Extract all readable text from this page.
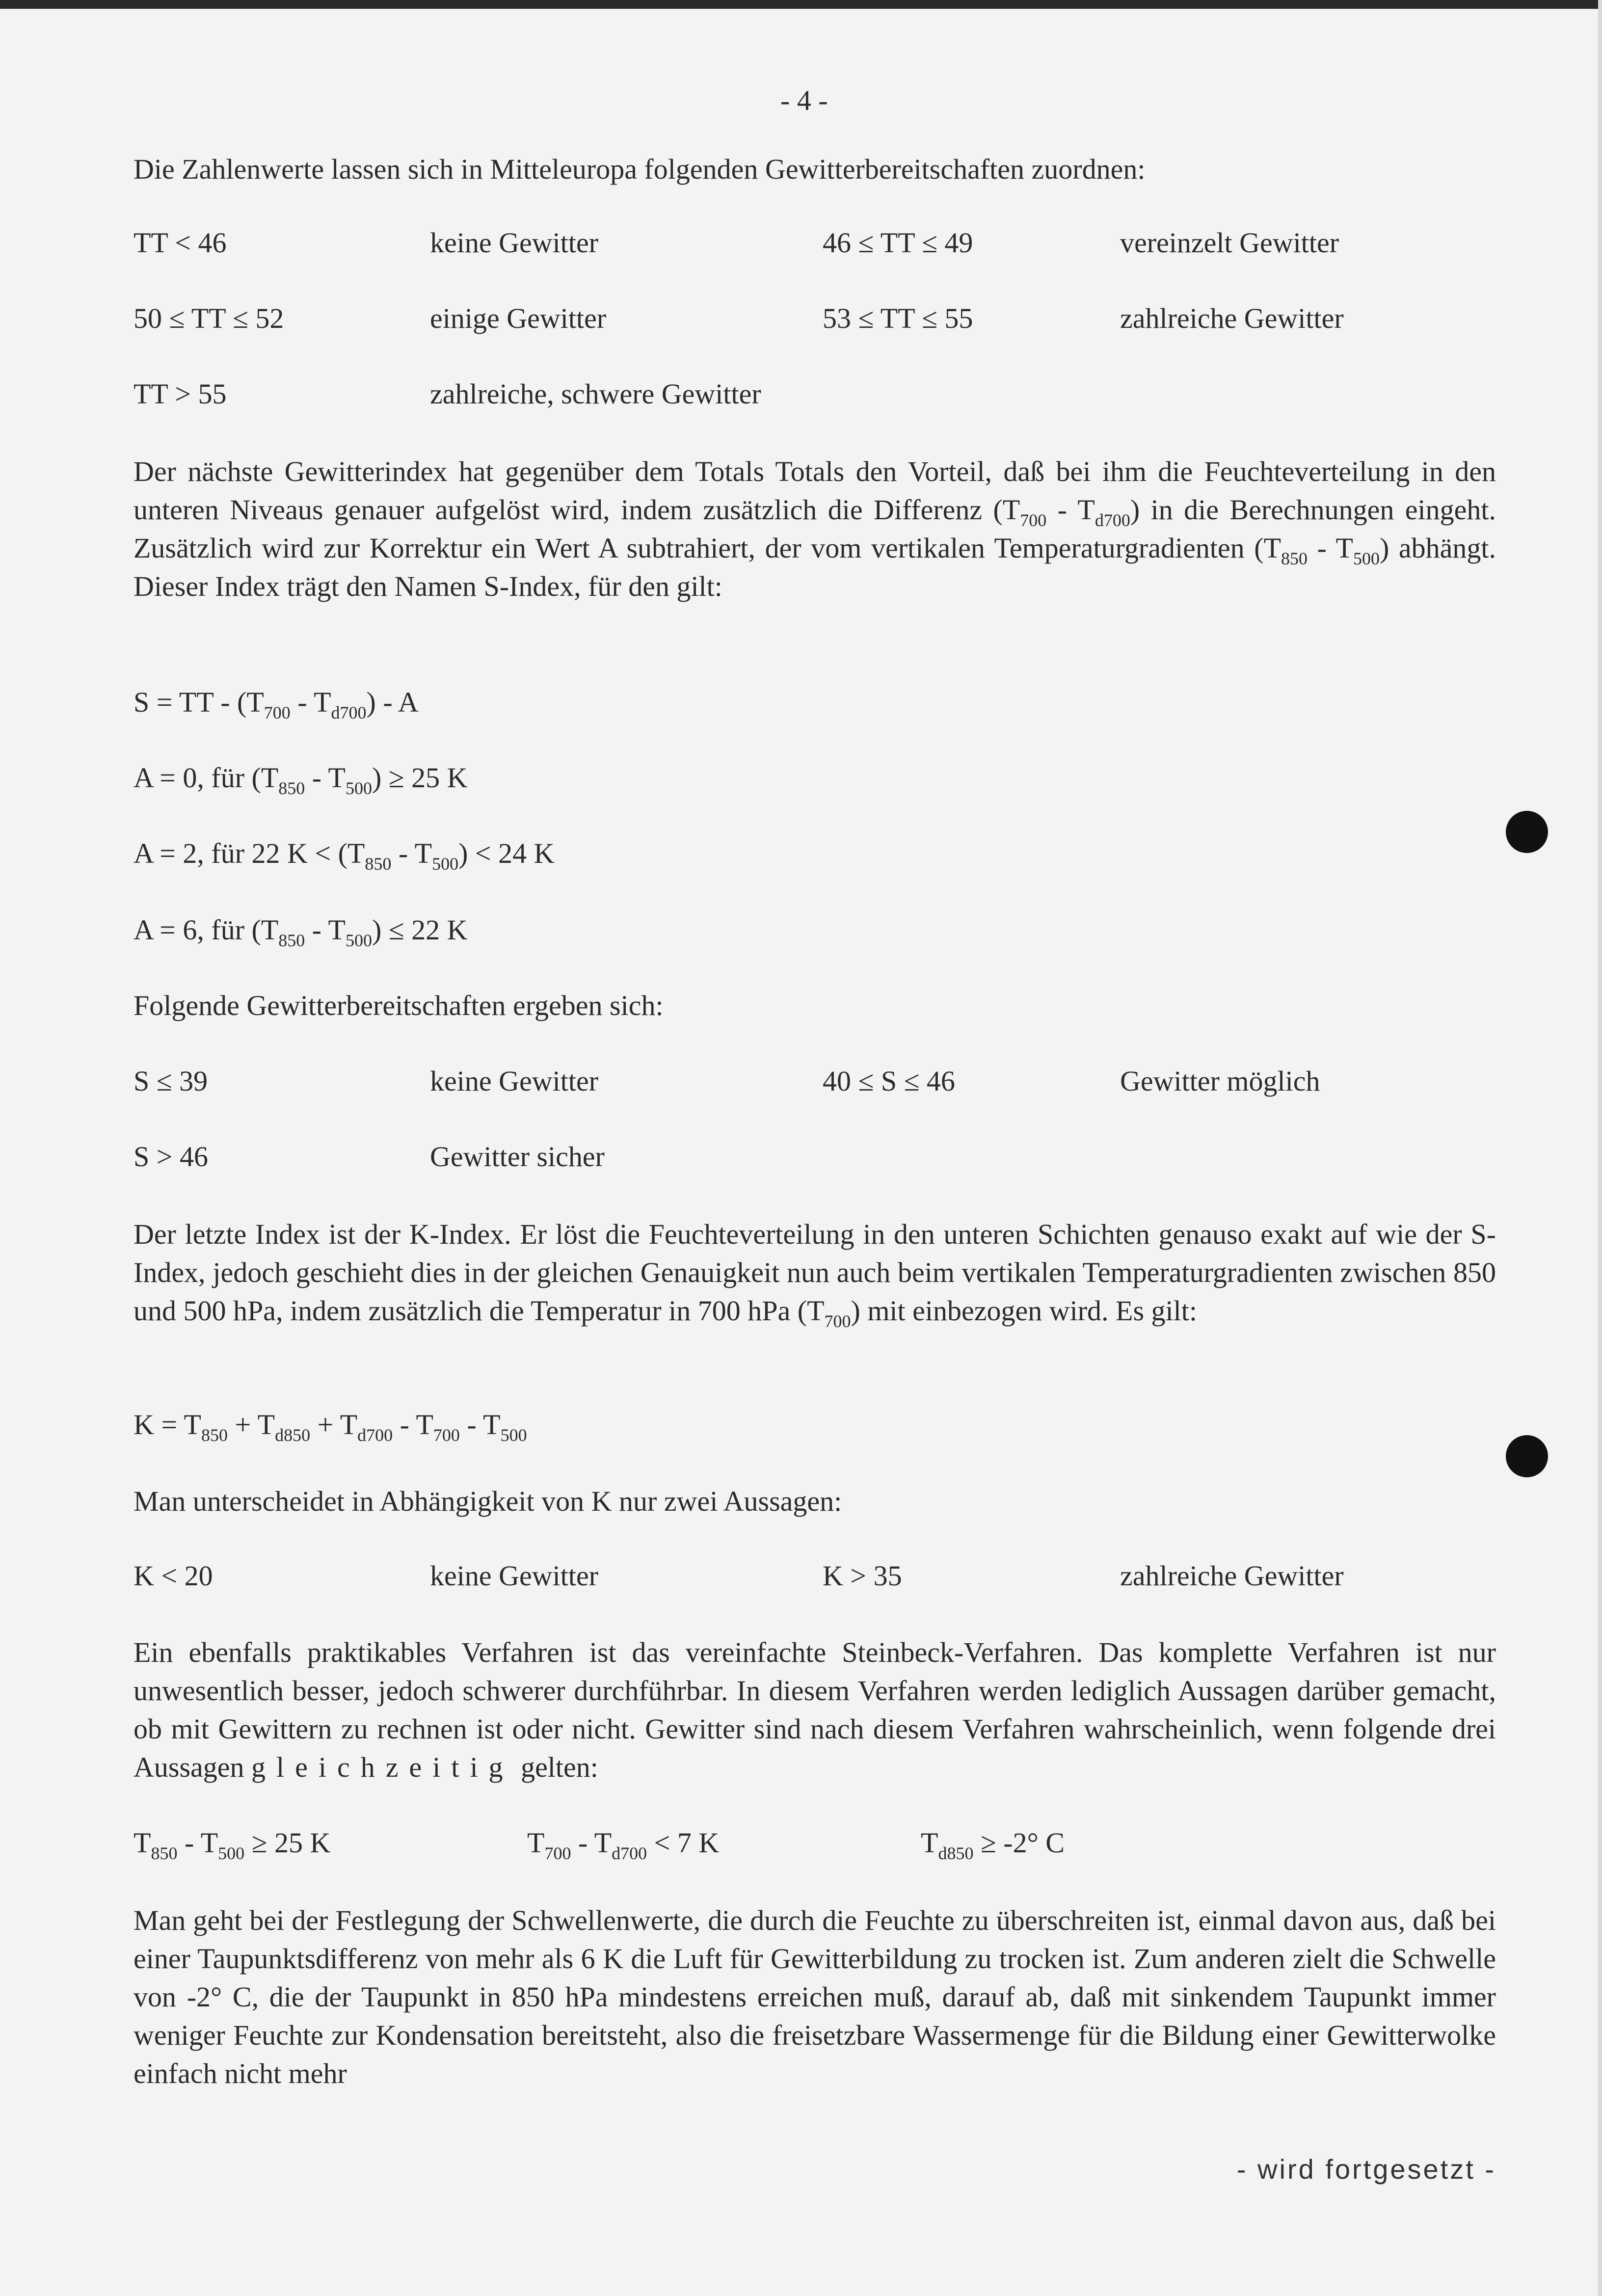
- 4 -

Die Zahlenwerte lassen sich in Mitteleuropa folgenden Gewitterbereitschaften zuordnen:

TT < 46	keine Gewitter	46 ≤ TT ≤ 49	vereinzelt Gewitter

50 ≤ TT ≤ 52	einige Gewitter	53 ≤ TT ≤ 55	zahlreiche Gewitter

TT > 55	zahlreiche, schwere Gewitter

Der nächste Gewitterindex hat gegenüber dem Totals Totals den Vorteil, daß bei ihm die Feuchteverteilung in den unteren Niveaus genauer aufgelöst wird, indem zusätzlich die Differenz $(T_{700} - T_{d700})$ in die Berechnungen eingeht. Zusätzlich wird zur Korrektur ein Wert A subtrahiert, der vom vertikalen Temperaturgradienten $(T_{850} - T_{500})$ abhängt. Dieser Index trägt den Namen S-Index, für den gilt:

S = TT - $(T_{700} - T_{d700})$ - A

A = 0, für $(T_{850} - T_{500}) \ge 25$ K

A = 2, für 22 $K < (T_{850} - T_{500}) < 24$ K

A = 6, für $(T_{850} - T_{500}) \le 22$ K

Folgende Gewitterbereitschaften ergeben sich:

S ≤ 39	keine Gewitter	40 ≤ S ≤ 46	Gewitter möglich

S > 46	Gewitter sicher

Der letzte Index ist der K-Index. Er löst die Feuchteverteilung in den unteren Schichten genauso exakt auf wie der S-Index, jedoch geschieht dies in der gleichen Genauigkeit nun auch beim vertikalen Temperaturgradienten zwischen 850 und 500 hPa, indem zusätzlich die Temperatur in 700 hPa $(T_{700})$ mit einbezogen wird. Es gilt:

$K = T_{850} + T_{d850} + T_{d700} - T_{700} - T_{500}$

Man unterscheidet in Abhängigkeit von K nur zwei Aussagen:

K < 20	keine Gewitter	K > 35	zahlreiche Gewitter

Ein ebenfalls praktikables Verfahren ist das vereinfachte Steinbeck-Verfahren. Das komplette Verfahren ist nur unwesentlich besser, jedoch schwerer durchführbar. In diesem Verfahren werden lediglich Aussagen darüber gemacht, ob mit Gewittern zu rechnen ist oder nicht. Gewitter sind nach diesem Verfahren wahrscheinlich, wenn folgende drei Aussagen gleichzeitig gelten:

$T_{850} - T_{500} \ge 25$ K	$T_{700} - T_{d700} < 7$ K	$T_{d850} \ge -2^\circ$ C

Man geht bei der Festlegung der Schwellenwerte, die durch die Feuchte zu überschreiten ist, einmal davon aus, daß bei einer Taupunktsdifferenz von mehr als 6 K die Luft für Gewitterbildung zu trocken ist. Zum anderen zielt die Schwelle von -2° C, die der Taupunkt in 850 hPa mindestens erreichen muß, darauf ab, daß mit sinkendem Taupunkt immer weniger Feuchte zur Kondensation bereitsteht, also die freisetzbare Wassermenge für die Bildung einer Gewitterwolke einfach nicht mehr

- wird fortgesetzt -
